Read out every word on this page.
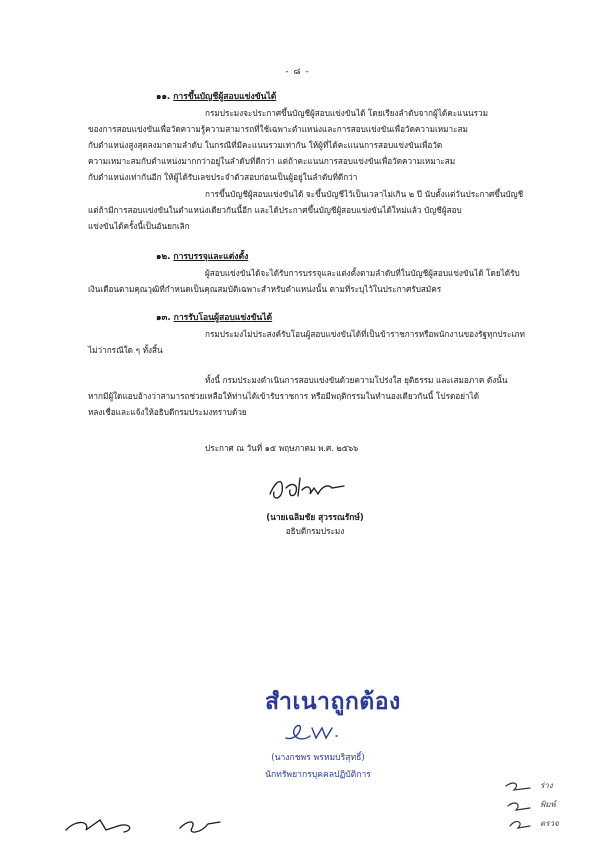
- ๘ -
๑๑. การขึ้นบัญชีผู้สอบแข่งขันได้
กรมประมงจะประกาศขึ้นบัญชีผู้สอบแข่งขันได้ โดยเรียงลำดับจากผู้ได้คะแนนรวม
ของการสอบแข่งขันเพื่อวัดความรู้ความสามารถที่ใช้เฉพาะตำแหน่งและการสอบแข่งขันเพื่อวัดความเหมาะสม
กับตำแหน่งสูงสุดลงมาตามลำดับ ในกรณีที่มีคะแนนรวมเท่ากัน ให้ผู้ที่ได้คะแนนการสอบแข่งขันเพื่อวัด
ความเหมาะสมกับตำแหน่งมากกว่าอยู่ในลำดับที่ดีกว่า แต่ถ้าคะแนนการสอบแข่งขันเพื่อวัดความเหมาะสม
กับตำแหน่งเท่ากันอีก ให้ผู้ได้รับเลขประจำตัวสอบก่อนเป็นผู้อยู่ในลำดับที่ดีกว่า
การขึ้นบัญชีผู้สอบแข่งขันได้ จะขึ้นบัญชีไว้เป็นเวลาไม่เกิน ๒ ปี นับตั้งแต่วันประกาศขึ้นบัญชี
แต่ถ้ามีการสอบแข่งขันในตำแหน่งเดียวกันนี้อีก และได้ประกาศขึ้นบัญชีผู้สอบแข่งขันได้ใหม่แล้ว บัญชีผู้สอบ
แข่งขันได้ครั้งนี้เป็นอันยกเลิก
๑๒. การบรรจุและแต่งตั้ง
ผู้สอบแข่งขันได้จะได้รับการบรรจุและแต่งตั้งตามลำดับที่ในบัญชีผู้สอบแข่งขันได้ โดยได้รับ
เงินเดือนตามคุณวุฒิที่กำหนดเป็นคุณสมบัติเฉพาะสำหรับตำแหน่งนั้น ตามที่ระบุไว้ในประกาศรับสมัคร
๑๓. การรับโอนผู้สอบแข่งขันได้
กรมประมงไม่ประสงค์รับโอนผู้สอบแข่งขันได้ที่เป็นข้าราชการหรือพนักงานของรัฐทุกประเภท
ไม่ว่ากรณีใด ๆ ทั้งสิ้น
ทั้งนี้ กรมประมงดำเนินการสอบแข่งขันด้วยความโปร่งใส ยุติธรรม และเสมอภาค ดังนั้น
หากมีผู้ใดแอบอ้างว่าสามารถช่วยเหลือให้ท่านได้เข้ารับราชการ หรือมีพฤติกรรมในทำนองเดียวกันนี้ โปรดอย่าได้
หลงเชื่อและแจ้งให้อธิบดีกรมประมงทราบด้วย
ประกาศ ณ วันที่ ๑๕ พฤษภาคม พ.ศ. ๒๕๖๖
(นายเฉลิมชัย สุวรรณรักษ์)
อธิบดีกรมประมง
สำเนาถูกต้อง
(นางกชพร พรหมบริสุทธิ์)
นักทรัพยากรบุคคลปฏิบัติการ
ร่าง
พิมพ์
ตรวจ
